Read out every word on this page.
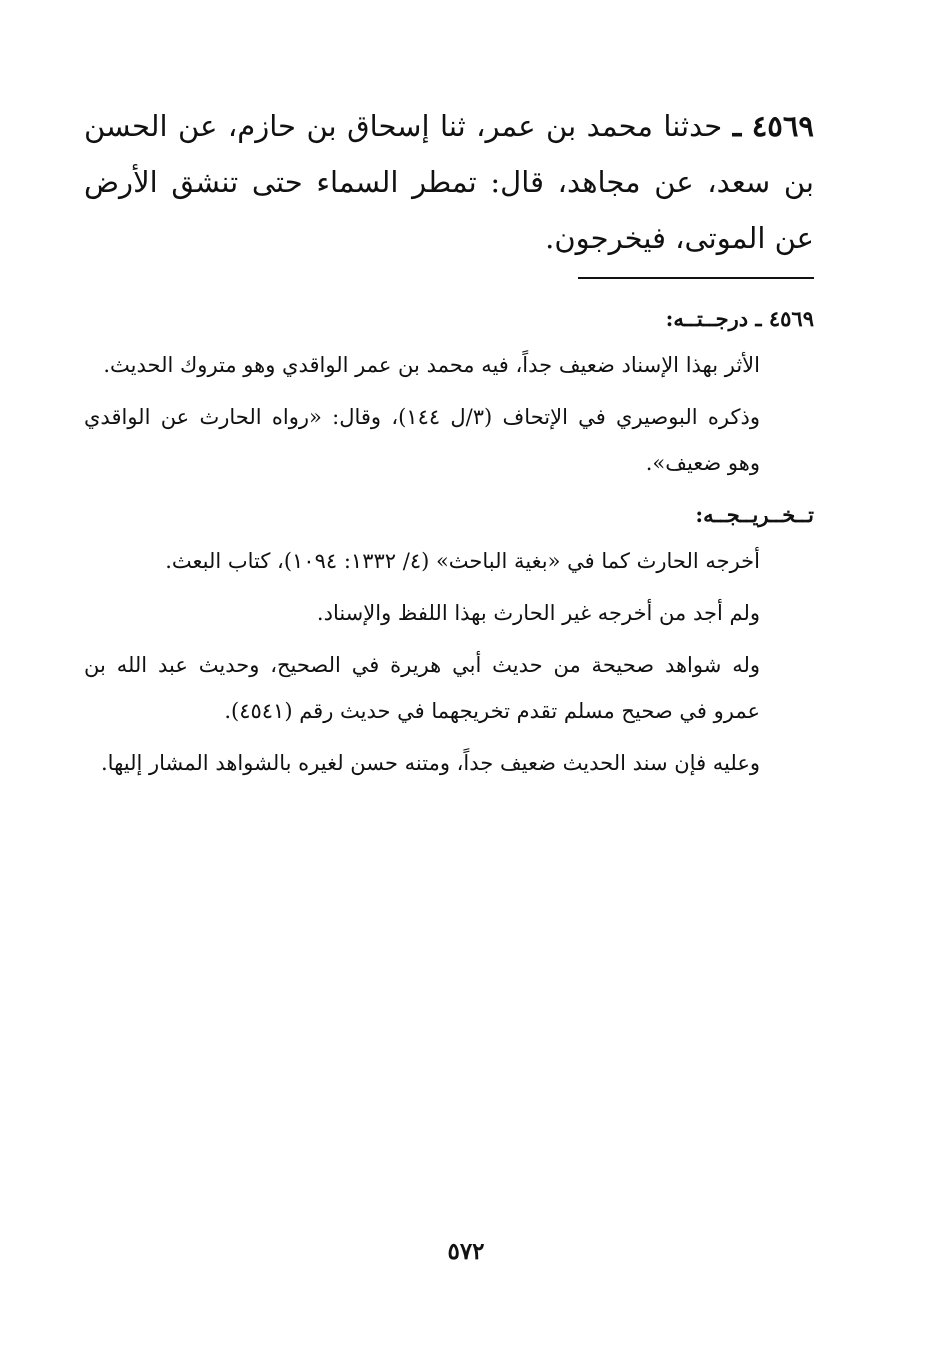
٤٥٦٩ ـ حدثنا محمد بن عمر، ثنا إسحاق بن حازم، عن الحسن بن سعد، عن مجاهد، قال: تمطر السماء حتى تنشق الأرض عن الموتى، فيخرجون.

٤٥٦٩ ـ درجــتــه:

الأثر بهذا الإسناد ضعيف جداً، فيه محمد بن عمر الواقدي وهو متروك الحديث.

وذكره البوصيري في الإتحاف (٣/ل ١٤٤)، وقال: «رواه الحارث عن الواقدي وهو ضعيف».

تــخــريــجــه:

أخرجه الحارث كما في «بغية الباحث» (٤/ ١٣٣٢: ١٠٩٤)، كتاب البعث.

ولم أجد من أخرجه غير الحارث بهذا اللفظ والإسناد.

وله شواهد صحيحة من حديث أبي هريرة في الصحيح، وحديث عبد الله بن عمرو في صحيح مسلم تقدم تخريجهما في حديث رقم (٤٥٤١).

وعليه فإن سند الحديث ضعيف جداً، ومتنه حسن لغيره بالشواهد المشار إليها.

٥٧٢
